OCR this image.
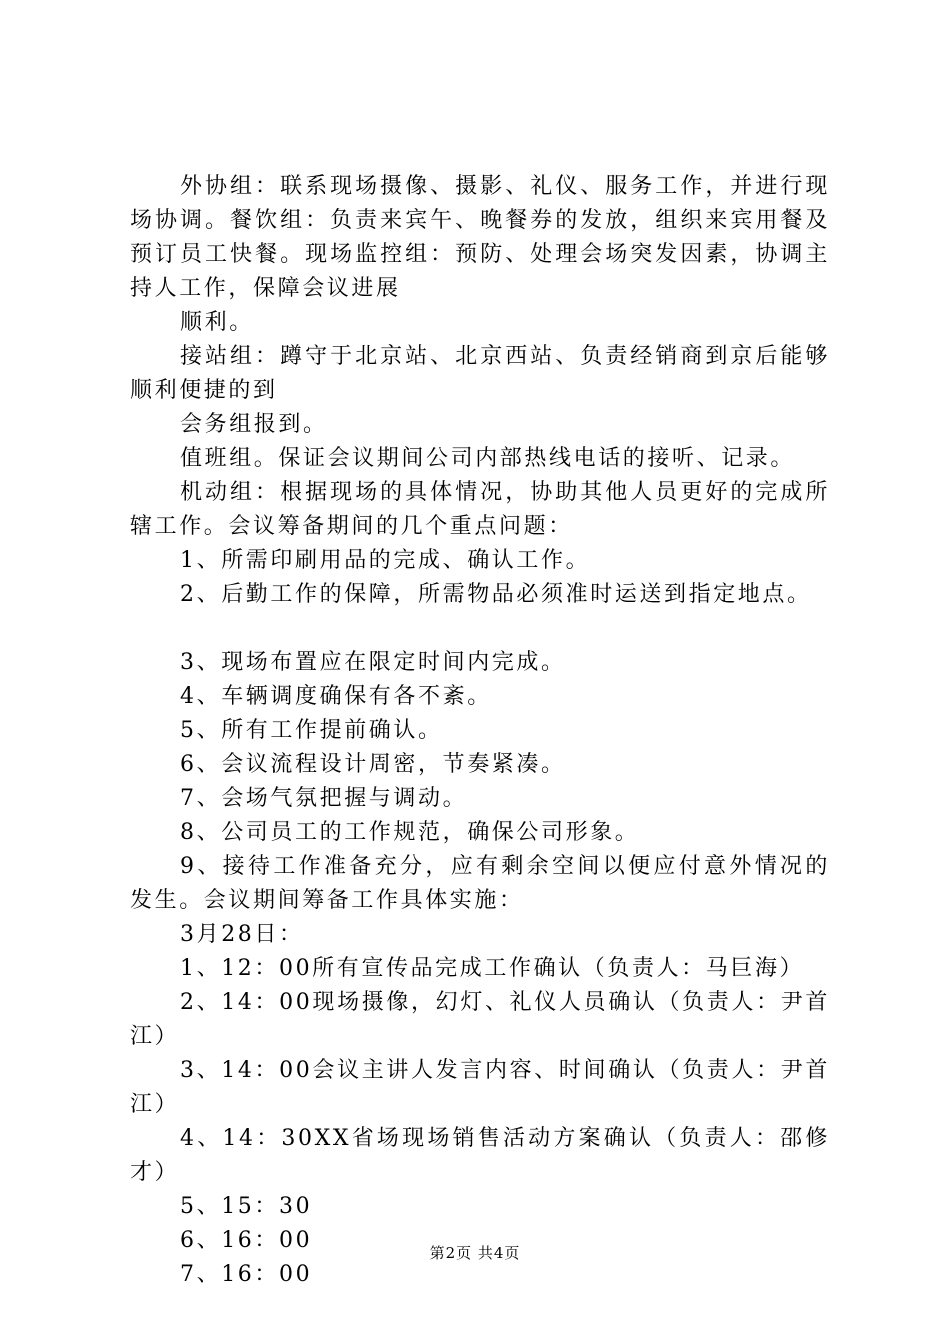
外协组：联系现场摄像、摄影、礼仪、服务工作，并进行现场协调。餐饮组：负责来宾午、晚餐券的发放，组织来宾用餐及预订员工快餐。现场监控组：预防、处理会场突发因素，协调主持人工作，保障会议进展

顺利。

接站组：蹲守于北京站、北京西站、负责经销商到京后能够顺利便捷的到

会务组报到。

值班组。保证会议期间公司内部热线电话的接听、记录。

机动组：根据现场的具体情况，协助其他人员更好的完成所辖工作。会议筹备期间的几个重点问题：

1、所需印刷用品的完成、确认工作。

2、后勤工作的保障，所需物品必须准时运送到指定地点。

3、现场布置应在限定时间内完成。

4、车辆调度确保有各不紊。

5、所有工作提前确认。

6、会议流程设计周密，节奏紧凑。

7、会场气氛把握与调动。

8、公司员工的工作规范，确保公司形象。

9、接待工作准备充分，应有剩余空间以便应付意外情况的发生。会议期间筹备工作具体实施：

3月28日：

1、12：00所有宣传品完成工作确认（负责人：马巨海）

2、14：00现场摄像，幻灯、礼仪人员确认（负责人：尹首江）

3、14：00会议主讲人发言内容、时间确认（负责人：尹首江）

4、14：30XX省场现场销售活动方案确认（负责人：邵修才）

5、15：30

6、16：00

7、16：00

第2页 共4页
